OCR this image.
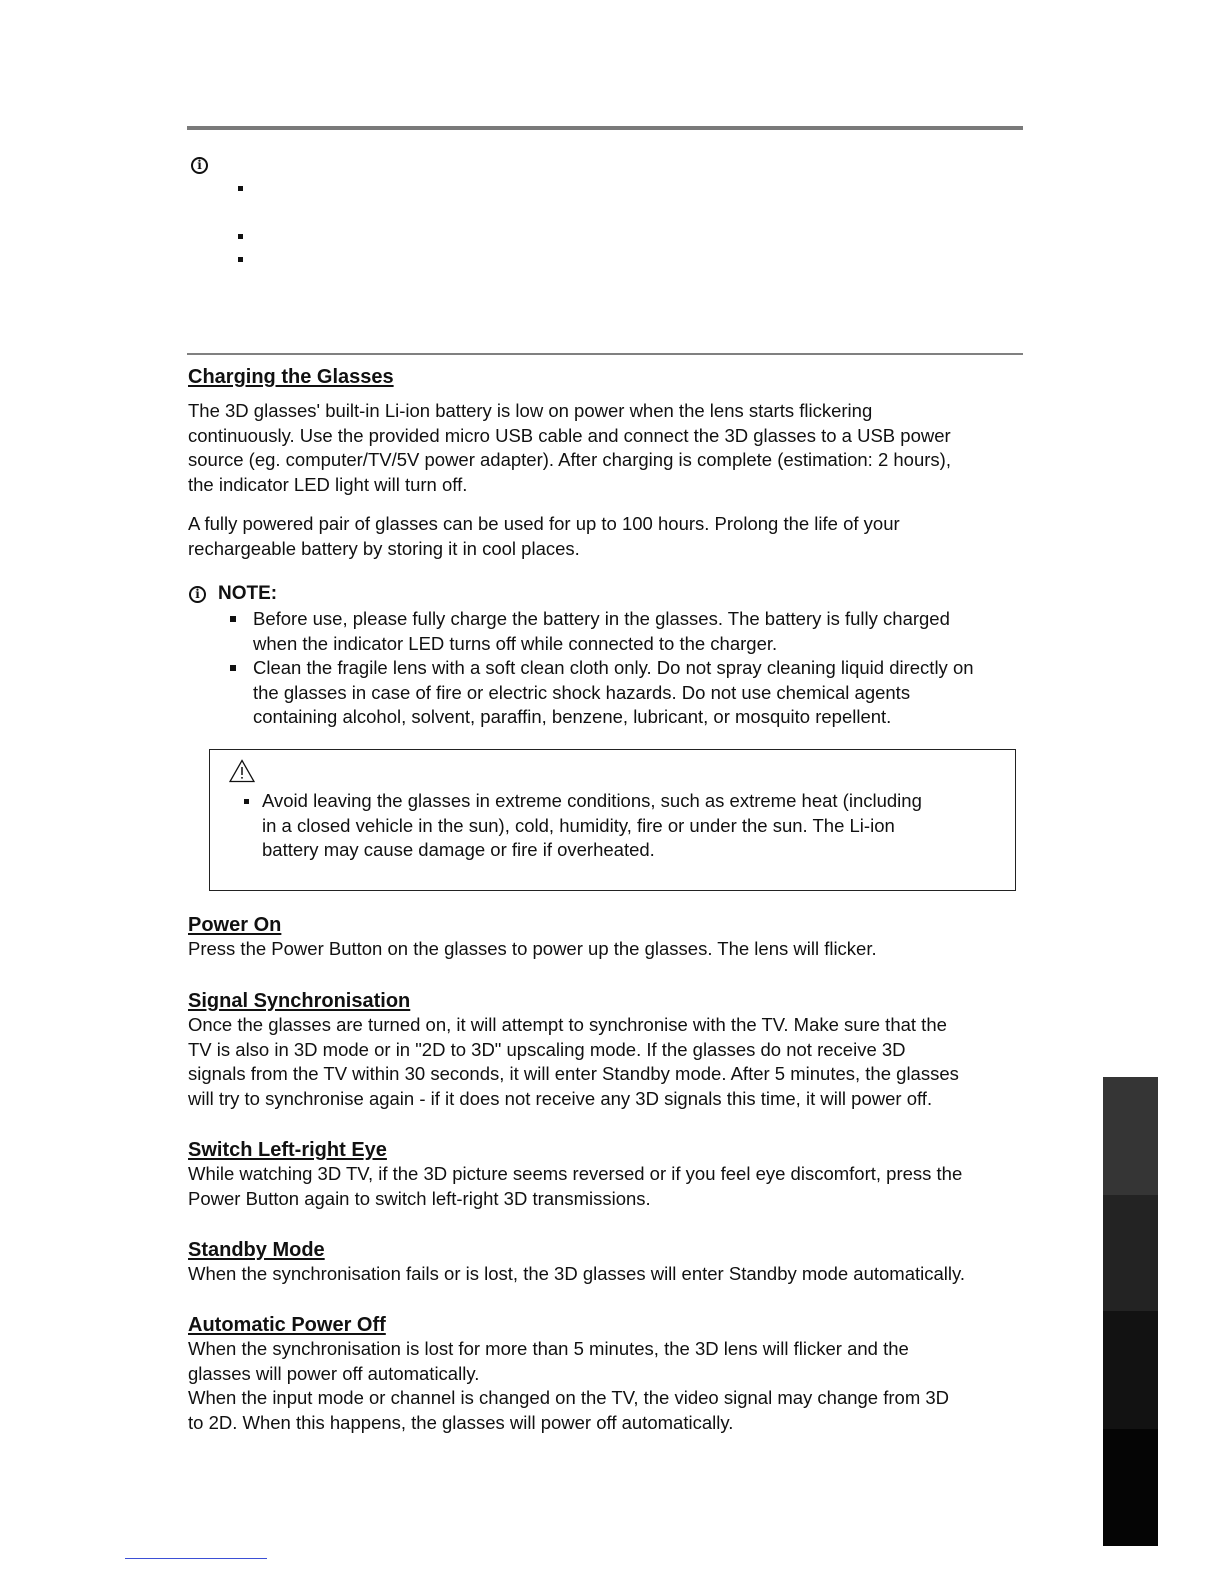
i
Charging the Glasses
The 3D glasses' built-in Li-ion battery is low on power when the lens starts flickering
continuously. Use the provided micro USB cable and connect the 3D glasses to a USB power
source (eg. computer/TV/5V power adapter). After charging is complete (estimation: 2 hours),
the indicator LED light will turn off.
A fully powered pair of glasses can be used for up to 100 hours. Prolong the life of your
rechargeable battery by storing it in cool places.
i NOTE:
Before use, please fully charge the battery in the glasses. The battery is fully charged
when the indicator LED turns off while connected to the charger.
Clean the fragile lens with a soft clean cloth only. Do not spray cleaning liquid directly on
the glasses in case of fire or electric shock hazards. Do not use chemical agents
containing alcohol, solvent, paraffin, benzene, lubricant, or mosquito repellent.
Avoid leaving the glasses in extreme conditions, such as extreme heat (including
in a closed vehicle in the sun), cold, humidity, fire or under the sun. The Li-ion
battery may cause damage or fire if overheated.
Power On
Press the Power Button on the glasses to power up the glasses. The lens will flicker.
Signal Synchronisation
Once the glasses are turned on, it will attempt to synchronise with the TV. Make sure that the
TV is also in 3D mode or in "2D to 3D" upscaling mode. If the glasses do not receive 3D
signals from the TV within 30 seconds, it will enter Standby mode. After 5 minutes, the glasses
will try to synchronise again - if it does not receive any 3D signals this time, it will power off.
Switch Left-right Eye
While watching 3D TV, if the 3D picture seems reversed or if you feel eye discomfort, press the
Power Button again to switch left-right 3D transmissions.
Standby Mode
When the synchronisation fails or is lost, the 3D glasses will enter Standby mode automatically.
Automatic Power Off
When the synchronisation is lost for more than 5 minutes, the 3D lens will flicker and the
glasses will power off automatically.
When the input mode or channel is changed on the TV, the video signal may change from 3D
to 2D. When this happens, the glasses will power off automatically.
